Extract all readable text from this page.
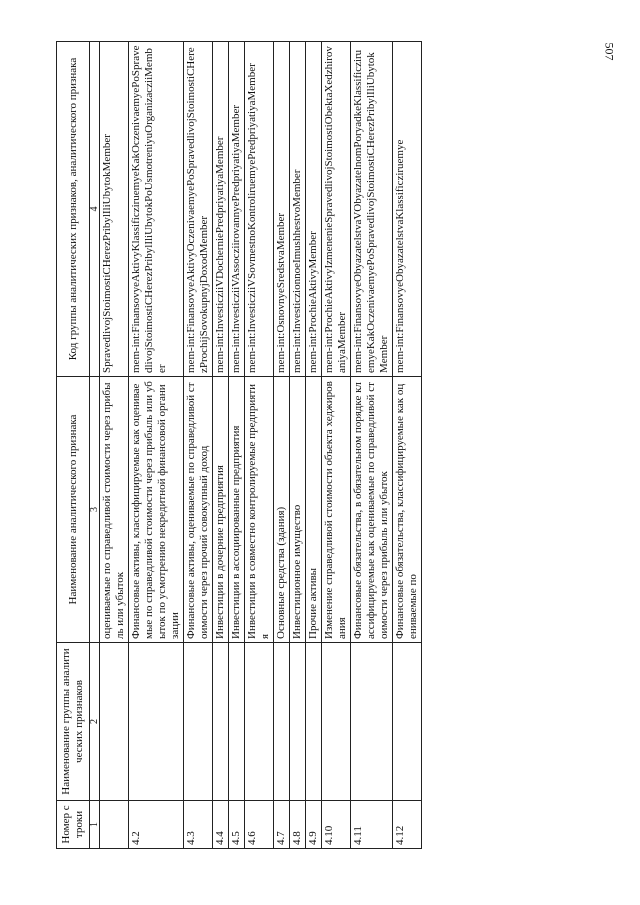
507
Номер строки	Наименование группы аналитических признаков	Наименование аналитического признака	Код группы аналитических признаков, аналитического признака
1	2	3	4
		оцениваемые по справедливой стоимости через прибыль или убыток	SpravedlivojStoimostiCHerezPribylIliUbytokMember
4.2		Финансовые активы, классифицируемые как оцениваемые по справедливой стоимости через прибыль или убыток по усмотрению некредитной финансовой организации	mem-int:FinansovyeAktivyKlassificziruemyeKakOczenivaemyePoSpravedlivojStoimostiCHerezPribylIliUbytokPoUsmotreniyuOrganizacziiMember
4.3		Финансовые активы, оцениваемые по справедливой стоимости через прочий совокупный доход	mem-int:FinansovyeAktivyOczenivaemyePoSpravedlivojStoimostiCHerezProchijSovokupnyjDoxodMember
4.4		Инвестиции в дочерние предприятия	mem-int:InvesticziiVDocherniePredpriyatiyaMember
4.5		Инвестиции в ассоциированные предприятия	mem-int:InvesticziiVAssocziirovannyePredpriyatiyaMember
4.6		Инвестиции в совместно контролируемые предприятия	mem-int:InvesticziiVSovmestnoKontroliruemyePredpriyatiyaMember
4.7		Основные средства (здания)	mem-int:OsnovnyeSredstvaMember
4.8		Инвестиционное имущество	mem-int:InvesticzionnoeImushhestvoMember
4.9		Прочие активы	mem-int:ProchieAktivyMember
4.10		Изменение справедливой стоимости объекта хеджирования	mem-int:ProchieAktivyIzmenenieSpravedlivojStoimostiObektaXedzhirovaniyaMember
4.11		Финансовые обязательства, в обязательном порядке классифицируемые как оцениваемые по справедливой стоимости через прибыль или убыток	mem-int:FinansovyeObyazatelstvaVObyazatelnomPoryadkeKlassificziruemyeKakOczenivaemyePoSpravedlivojStoimostiCHerezPribylIliUbytokMember
4.12		Финансовые обязательства, классифицируемые как оцениваемые по	mem-int:FinansovyeObyazatelstvaKlassificziruemye
